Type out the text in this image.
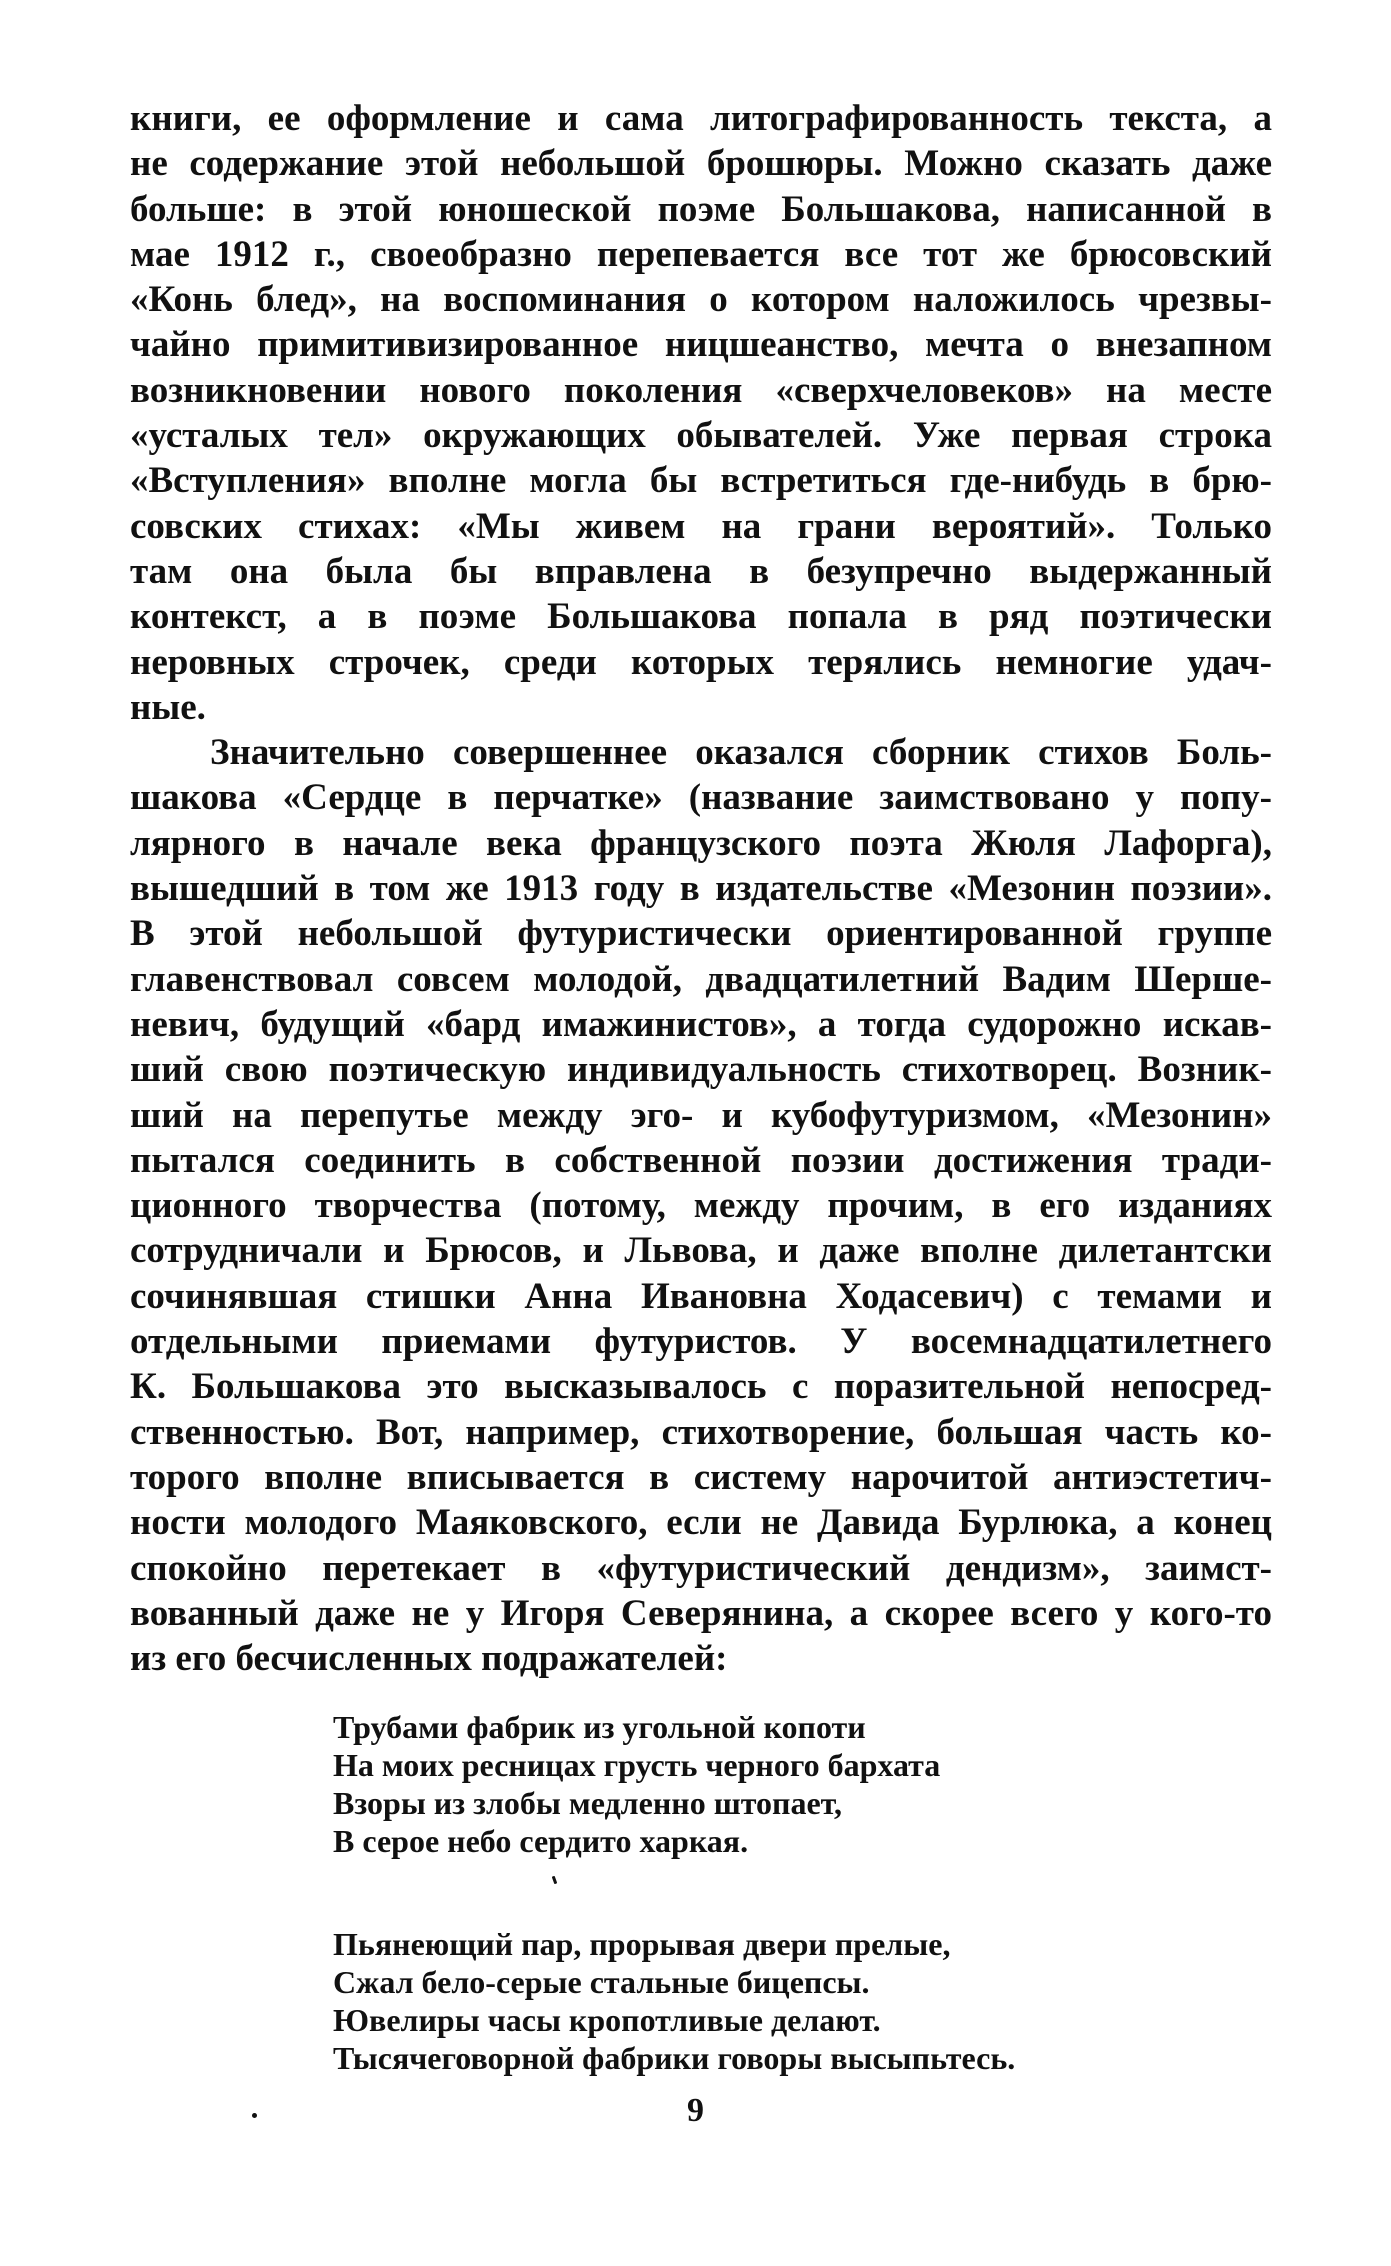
книги, ее оформление и сама литографированность текста, а
не содержание этой небольшой брошюры. Можно сказать даже
больше: в этой юношеской поэме Большакова, написанной в
мае 1912 г., своеобразно перепевается все тот же брюсовский
«Конь блед», на воспоминания о котором наложилось чрезвы-
чайно примитивизированное ницшеанство, мечта о внезапном
возникновении нового поколения «сверхчеловеков» на месте
«усталых тел» окружающих обывателей. Уже первая строка
«Вступления» вполне могла бы встретиться где-нибудь в брю-
совских стихах: «Мы живем на грани вероятий». Только
там она была бы вправлена в безупречно выдержанный
контекст, а в поэме Большакова попала в ряд поэтически
неровных строчек, среди которых терялись немногие удач-
ные.
Значительно совершеннее оказался сборник стихов Боль-
шакова «Сердце в перчатке» (название заимствовано у попу-
лярного в начале века французского поэта Жюля Лафорга),
вышедший в том же 1913 году в издательстве «Мезонин поэзии».
В этой небольшой футуристически ориентированной группе
главенствовал совсем молодой, двадцатилетний Вадим Шерше-
невич, будущий «бард имажинистов», а тогда судорожно искав-
ший свою поэтическую индивидуальность стихотворец. Возник-
ший на перепутье между эго- и кубофутуризмом, «Мезонин»
пытался соединить в собственной поэзии достижения тради-
ционного творчества (потому, между прочим, в его изданиях
сотрудничали и Брюсов, и Львова, и даже вполне дилетантски
сочинявшая стишки Анна Ивановна Ходасевич) с темами и
отдельными приемами футуристов. У восемнадцатилетнего
К. Большакова это высказывалось с поразительной непосред-
ственностью. Вот, например, стихотворение, большая часть ко-
торого вполне вписывается в систему нарочитой антиэстетич-
ности молодого Маяковского, если не Давида Бурлюка, а конец
спокойно перетекает в «футуристический дендизм», заимст-
вованный даже не у Игоря Северянина, а скорее всего у кого-то
из его бесчисленных подражателей:
Трубами фабрик из угольной копоти
На моих ресницах грусть черного бархата
Взоры из злобы медленно штопает,
В серое небо сердито харкая.
Пьянеющий пар, прорывая двери прелые,
Сжал бело-серые стальные бицепсы.
Ювелиры часы кропотливые делают.
Тысячеговорной фабрики говоры высыпьтесь.
9
